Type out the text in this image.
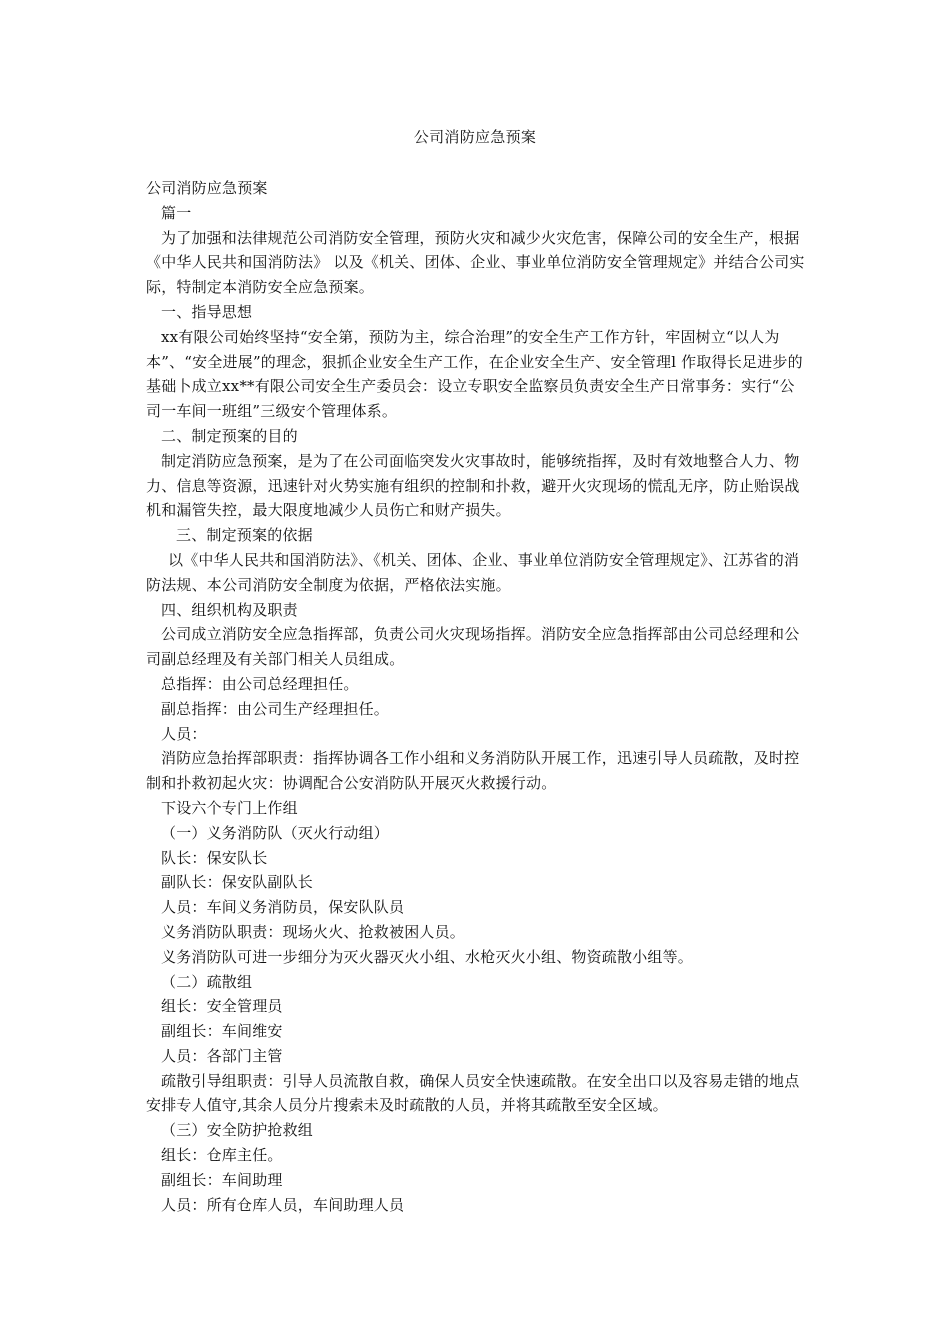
公司消防应急预案

公司消防应急预案

篇一

为了加强和法律规范公司消防安全管理，预防火灾和减少火灾危害，保障公司的安全生产，根据《中华人民共和国消防法》 以及《机关、团体、企业、事业单位消防安全管理规定》并结合公司实际，特制定本消防安全应急预案。

一、指导思想

xx有限公司始终坚持“安全第，预防为主，综合治理”的安全生产工作方针，牢固树立“以人为本”、“安全进展”的理念，狠抓企业安全生产工作，在企业安全生产、安全管理l 作取得长足进步的基础卜成立xx**有限公司安全生产委员会：设立专职安全监察员负责安全生产日常事务：实行“公司一车间一班组”三级安个管理体系。

二、制定预案的目的

制定消防应急预案，是为了在公司面临突发火灾事故时，能够统指挥，及时有效地整合人力、物力、信息等资源，迅速针对火势实施有组织的控制和扑救，避开火灾现场的慌乱无序，防止贻误战机和漏管失控，最大限度地减少人员伤亡和财产损失。

三、制定预案的依据

以《中华人民共和国消防法》、《机关、团体、企业、事业单位消防安全管理规定》、江苏省的消防法规、本公司消防安全制度为依据，严格依法实施。

四、组织机构及职责

公司成立消防安全应急指挥部，负责公司火灾现场指挥。消防安全应急指挥部由公司总经理和公司副总经理及有关部门相关人员组成。

总指挥：由公司总经理担任。

副总指挥：由公司生产经理担任。

人员：

消防应急抬挥部职责：指挥协调各工作小组和义务消防队开展工作，迅速引导人员疏散，及时控制和扑救初起火灾：协调配合公安消防队开展灭火救援行动。

下设六个专门上作组

（一）义务消防队（灭火行动组）

队长：保安队长

副队长：保安队副队长

人员：车间义务消防员，保安队队员

义务消防队职责：现场火火、抢救被困人员。

义务消防队可进一步细分为灭火器灭火小组、水枪灭火小组、物资疏散小组等。

（二）疏散组

组长：安全管理员

副组长：车间维安

人员：各部门主管

疏散引导组职责：引导人员流散自救，确保人员安全快速疏散。在安全出口以及容易走错的地点安排专人值守,其余人员分片搜索未及时疏散的人员，并将其疏散至安全区域。

（三）安全防护抢救组

组长：仓库主任。

副组长：车间助理

人员：所有仓库人员，车间助理人员
